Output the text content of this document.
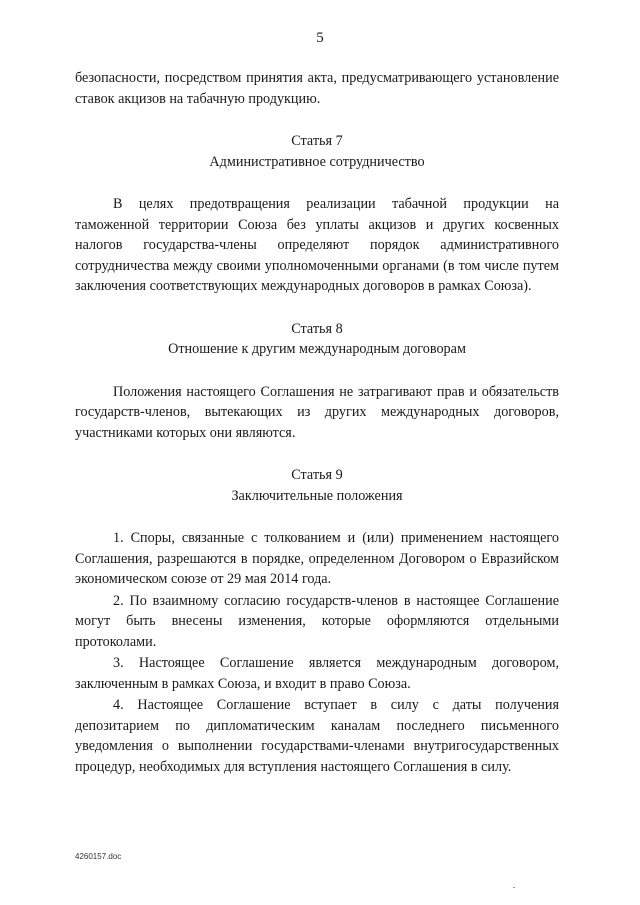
5

безопасности, посредством принятия акта, предусматривающего установление ставок акцизов на табачную продукцию.

Статья 7
Административное сотрудничество

В целях предотвращения реализации табачной продукции на таможенной территории Союза без уплаты акцизов и других косвенных налогов государства-члены определяют порядок административного сотрудничества между своими уполномоченными органами (в том числе путем заключения соответствующих международных договоров в рамках Союза).

Статья 8
Отношение к другим международным договорам

Положения настоящего Соглашения не затрагивают прав и обязательств государств-членов, вытекающих из других международных договоров, участниками которых они являются.

Статья 9
Заключительные положения

1. Споры, связанные с толкованием и (или) применением настоящего Соглашения, разрешаются в порядке, определенном Договором о Евразийском экономическом союзе от 29 мая 2014 года.

2. По взаимному согласию государств-членов в настоящее Соглашение могут быть внесены изменения, которые оформляются отдельными протоколами.

3. Настоящее Соглашение является международным договором, заключенным в рамках Союза, и входит в право Союза.

4. Настоящее Соглашение вступает в силу с даты получения депозитарием по дипломатическим каналам последнего письменного уведомления о выполнении государствами-членами внутригосударственных процедур, необходимых для вступления настоящего Соглашения в силу.

4260157.doc
